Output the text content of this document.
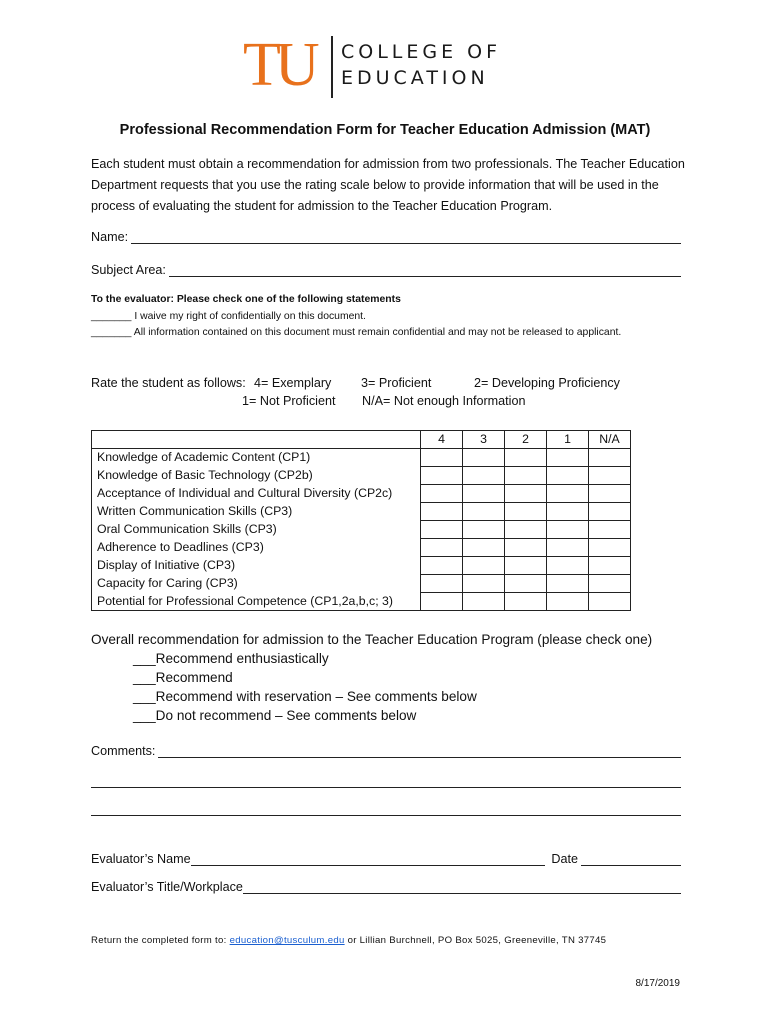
TU COLLEGE OF
EDUCATION
Professional Recommendation Form for Teacher Education Admission (MAT)
Each student must obtain a recommendation for admission from two professionals. The Teacher Education Department requests that you use the rating scale below to provide information that will be used in the process of evaluating the student for admission to the Teacher Education Program.
Name:
Subject Area:
To the evaluator: Please check one of the following statements
_______ I waive my right of confidentially on this document.
_______ All information contained on this document must remain confidential and may not be released to applicant.
Rate the student as follows: 4= Exemplary 3= Proficient	2= Developing Proficiency
1= Not Proficient N/A= Not enough Information
	4	3	2	1	N/A
Knowledge of Academic Content (CP1)					
Knowledge of Basic Technology (CP2b)					
Acceptance of Individual and Cultural Diversity (CP2c)					
Written Communication Skills (CP3)					
Oral Communication Skills (CP3)					
Adherence to Deadlines (CP3)					
Display of Initiative (CP3)					
Capacity for Caring (CP3)					
Potential for Professional Competence (CP1,2a,b,c; 3)					
Overall recommendation for admission to the Teacher Education Program (please check one)
___Recommend enthusiastically
___Recommend
___Recommend with reservation – See comments below
___Do not recommend – See comments below
Comments:
Evaluator’s Name	Date
Evaluator’s Title/Workplace
Return the completed form to: education@tusculum.edu or Lillian Burchnell, PO Box 5025, Greeneville, TN 37745
8/17/2019
